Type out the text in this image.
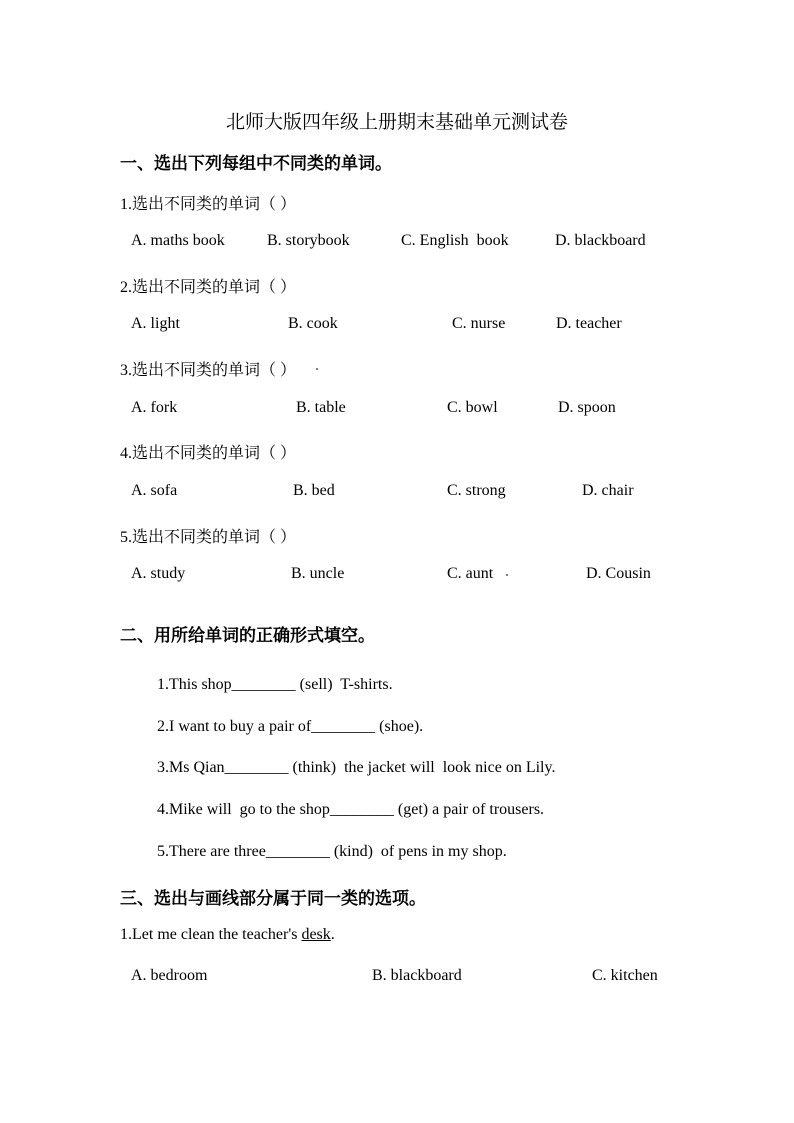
北师大版四年级上册期末基础单元测试卷
一、选出下列每组中不同类的单词。
1.选出不同类的单词（ ）
A. maths book	B. storybook	C. English  book	D. blackboard
2.选出不同类的单词（ ）
A. light	B. cook	C. nurse	D. teacher
3.选出不同类的单词（ ）
A. fork	B. table	C. bowl	D. spoon
4.选出不同类的单词（ ）
A. sofa	B. bed	C. strong	D. chair
5.选出不同类的单词（ ）
A. study	B. uncle	C. aunt	D. Cousin
二、用所给单词的正确形式填空。
1.This shop________ (sell)  T-shirts.
2.I want to buy a pair of________ (shoe).
3.Ms Qian________ (think)  the jacket will  look nice on Lily.
4.Mike will  go to the shop________ (get) a pair of trousers.
5.There are three________ (kind)  of pens in my shop.
三、选出与画线部分属于同一类的选项。
1.Let me clean the teacher's desk.
A. bedroom	B. blackboard	C. kitchen
